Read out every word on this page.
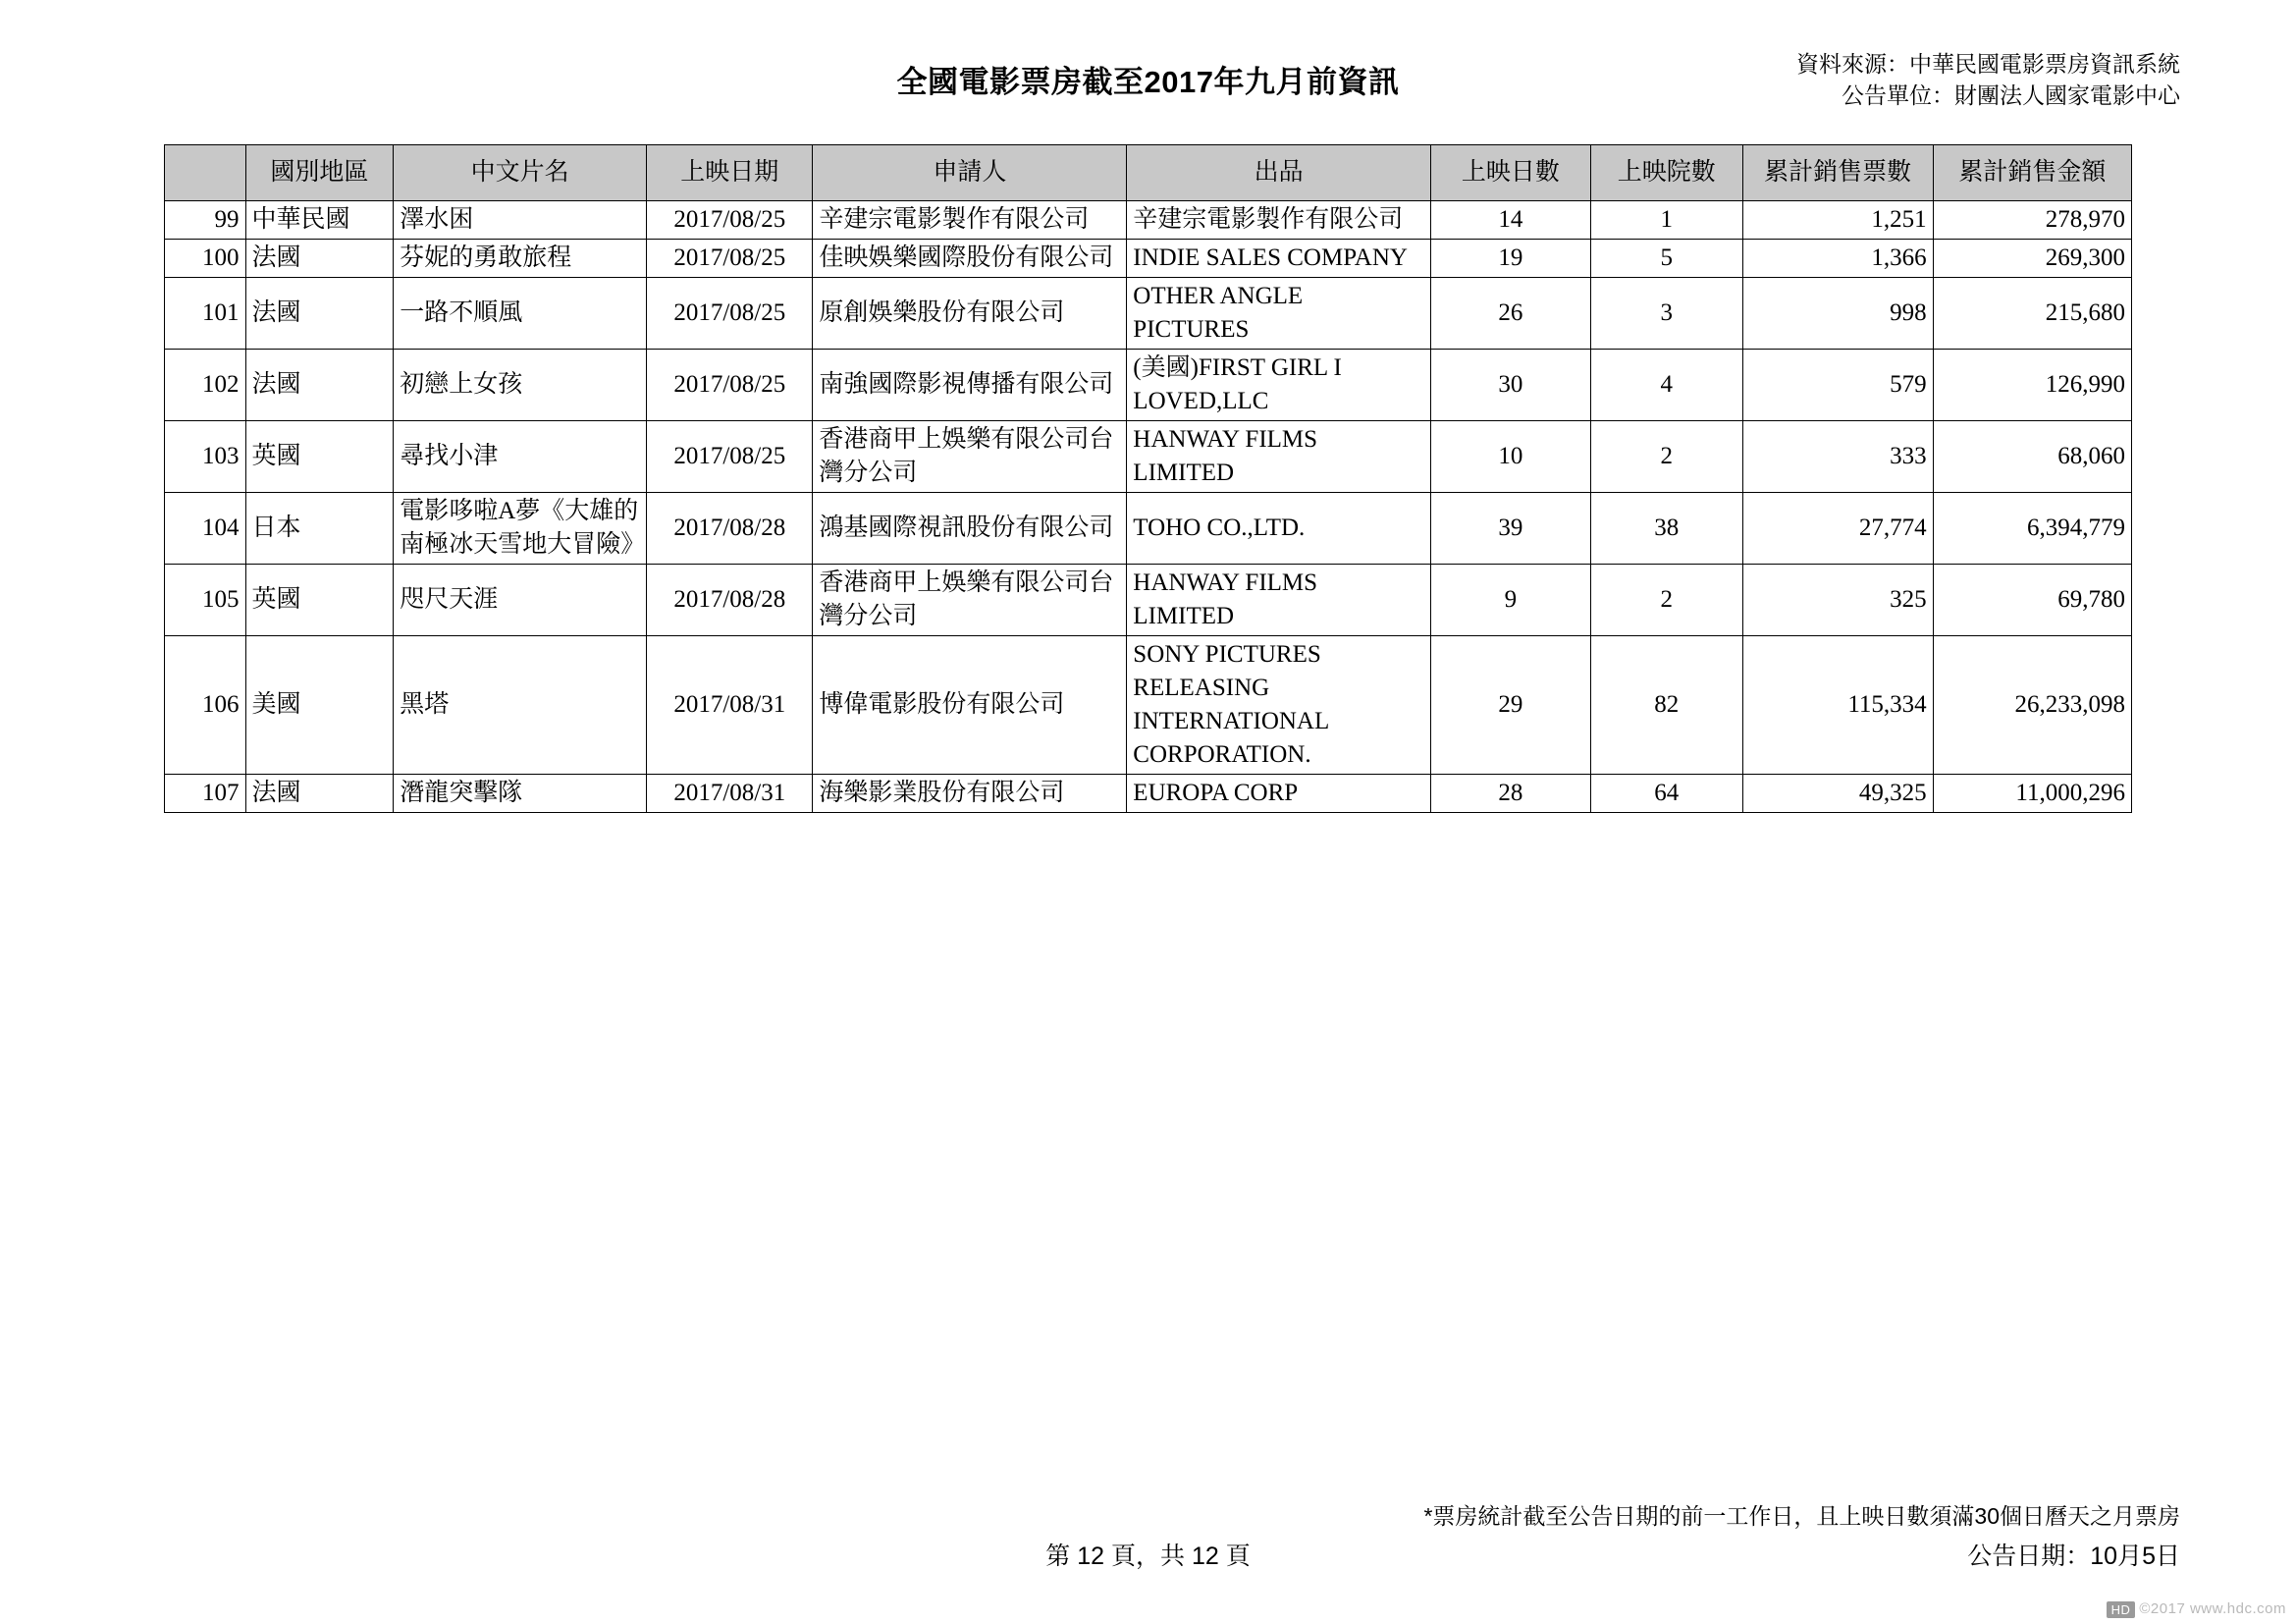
全國電影票房截至2017年九月前資訊
資料來源：中華民國電影票房資訊系統
公告單位：財團法人國家電影中心
	國別地區	中文片名	上映日期	申請人	出品	上映日數	上映院數	累計銷售票數	累計銷售金額
99	中華民國	澤水困	2017/08/25	辛建宗電影製作有限公司	辛建宗電影製作有限公司	14	1	1,251	278,970
100	法國	芬妮的勇敢旅程	2017/08/25	佳映娛樂國際股份有限公司	INDIE SALES COMPANY	19	5	1,366	269,300
101	法國	一路不順風	2017/08/25	原創娛樂股份有限公司	OTHER ANGLE PICTURES	26	3	998	215,680
102	法國	初戀上女孩	2017/08/25	南強國際影視傳播有限公司	(美國)FIRST GIRL I LOVED,LLC	30	4	579	126,990
103	英國	尋找小津	2017/08/25	香港商甲上娛樂有限公司台灣分公司	HANWAY FILMS LIMITED	10	2	333	68,060
104	日本	電影哆啦A夢《大雄的南極冰天雪地大冒險》	2017/08/28	鴻基國際視訊股份有限公司	TOHO CO.,LTD.	39	38	27,774	6,394,779
105	英國	咫尺天涯	2017/08/28	香港商甲上娛樂有限公司台灣分公司	HANWAY FILMS LIMITED	9	2	325	69,780
106	美國	黑塔	2017/08/31	博偉電影股份有限公司	SONY PICTURES RELEASING INTERNATIONAL CORPORATION.	29	82	115,334	26,233,098
107	法國	潛龍突擊隊	2017/08/31	海樂影業股份有限公司	EUROPA CORP	28	64	49,325	11,000,296
*票房統計截至公告日期的前一工作日，且上映日數須滿30個日曆天之月票房
第 12 頁，共 12 頁	公告日期：10月5日
HD ©2017 www.hdc.com
